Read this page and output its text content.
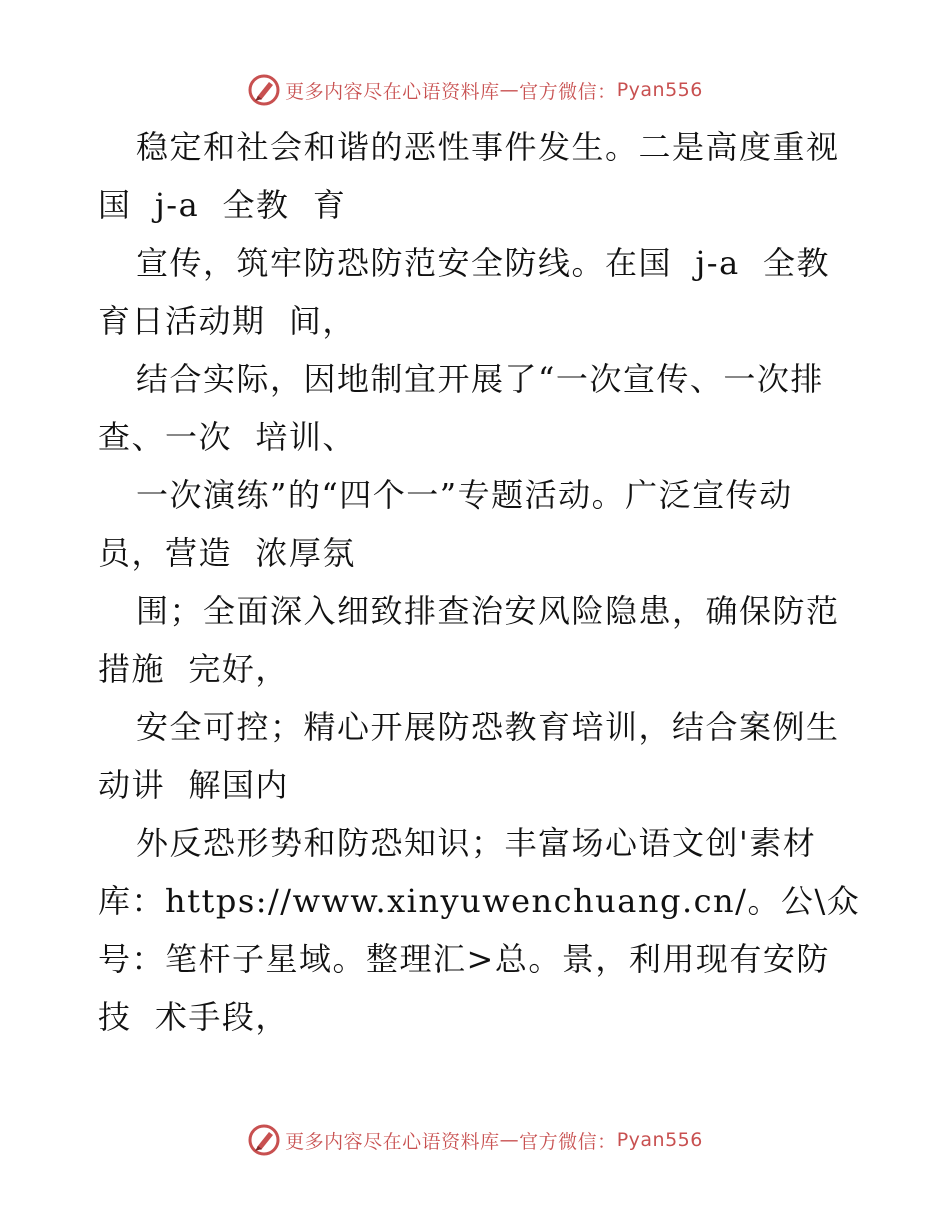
更多内容尽在心语资料库 — 官方微信： Pyan556
稳定和社会和谐的恶性事件发生。二是高度重视
国  j-a  全教  育
宣传，筑牢防恐防范安全防线。在国  j-a  全教
育日活动期  间，
结合实际，因地制宜开展了“一次宣传、一次排
查、一次  培训、
一次演练”的“四个一”专题活动。广泛宣传动
员，营造  浓厚氛
围；全面深入细致排查治安风险隐患，确保防范
措施  完好，
安全可控；精心开展防恐教育培训，结合案例生
动讲  解国内
外反恐形势和防恐知识；丰富场心语文创'素材
库：https://www.xinyuwenchuang.cn/。公\众
号：笔杆子星域。整理汇>总。景，利用现有安防
技  术手段，
更多内容尽在心语资料库 — 官方微信： Pyan556
